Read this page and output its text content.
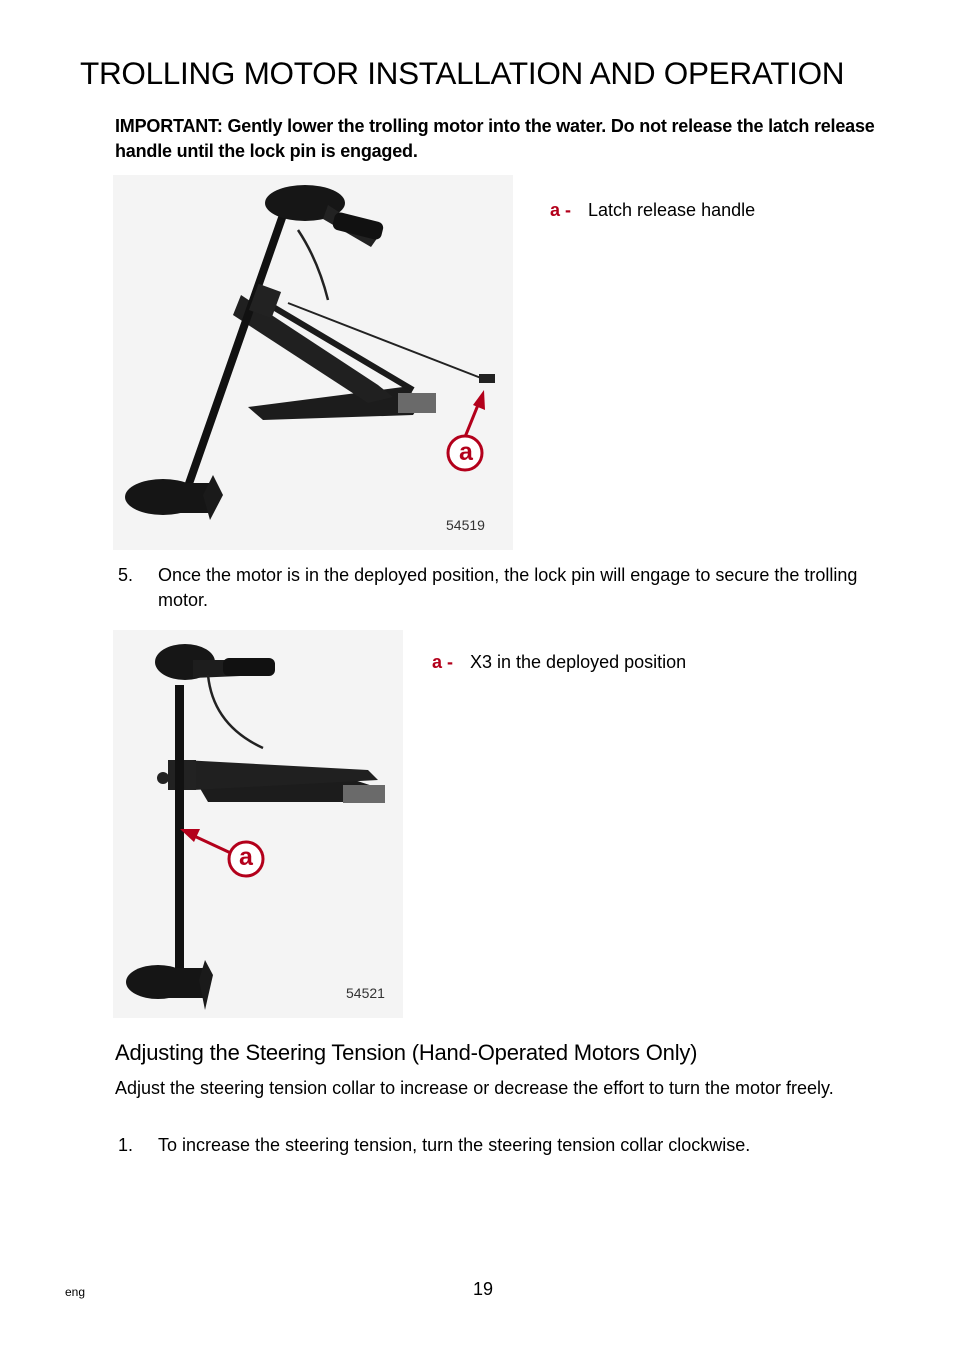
TROLLING MOTOR INSTALLATION AND OPERATION
IMPORTANT: Gently lower the trolling motor into the water. Do not release the latch release handle until the lock pin is engaged.
a
54519
a - Latch release handle
5. Once the motor is in the deployed position, the lock pin will engage to secure the trolling motor.
a
54521
a - X3 in the deployed position
Adjusting the Steering Tension (Hand-Operated Motors Only)
Adjust the steering tension collar to increase or decrease the effort to turn the motor freely.
1. To increase the steering tension, turn the steering tension collar clockwise.
eng	19
